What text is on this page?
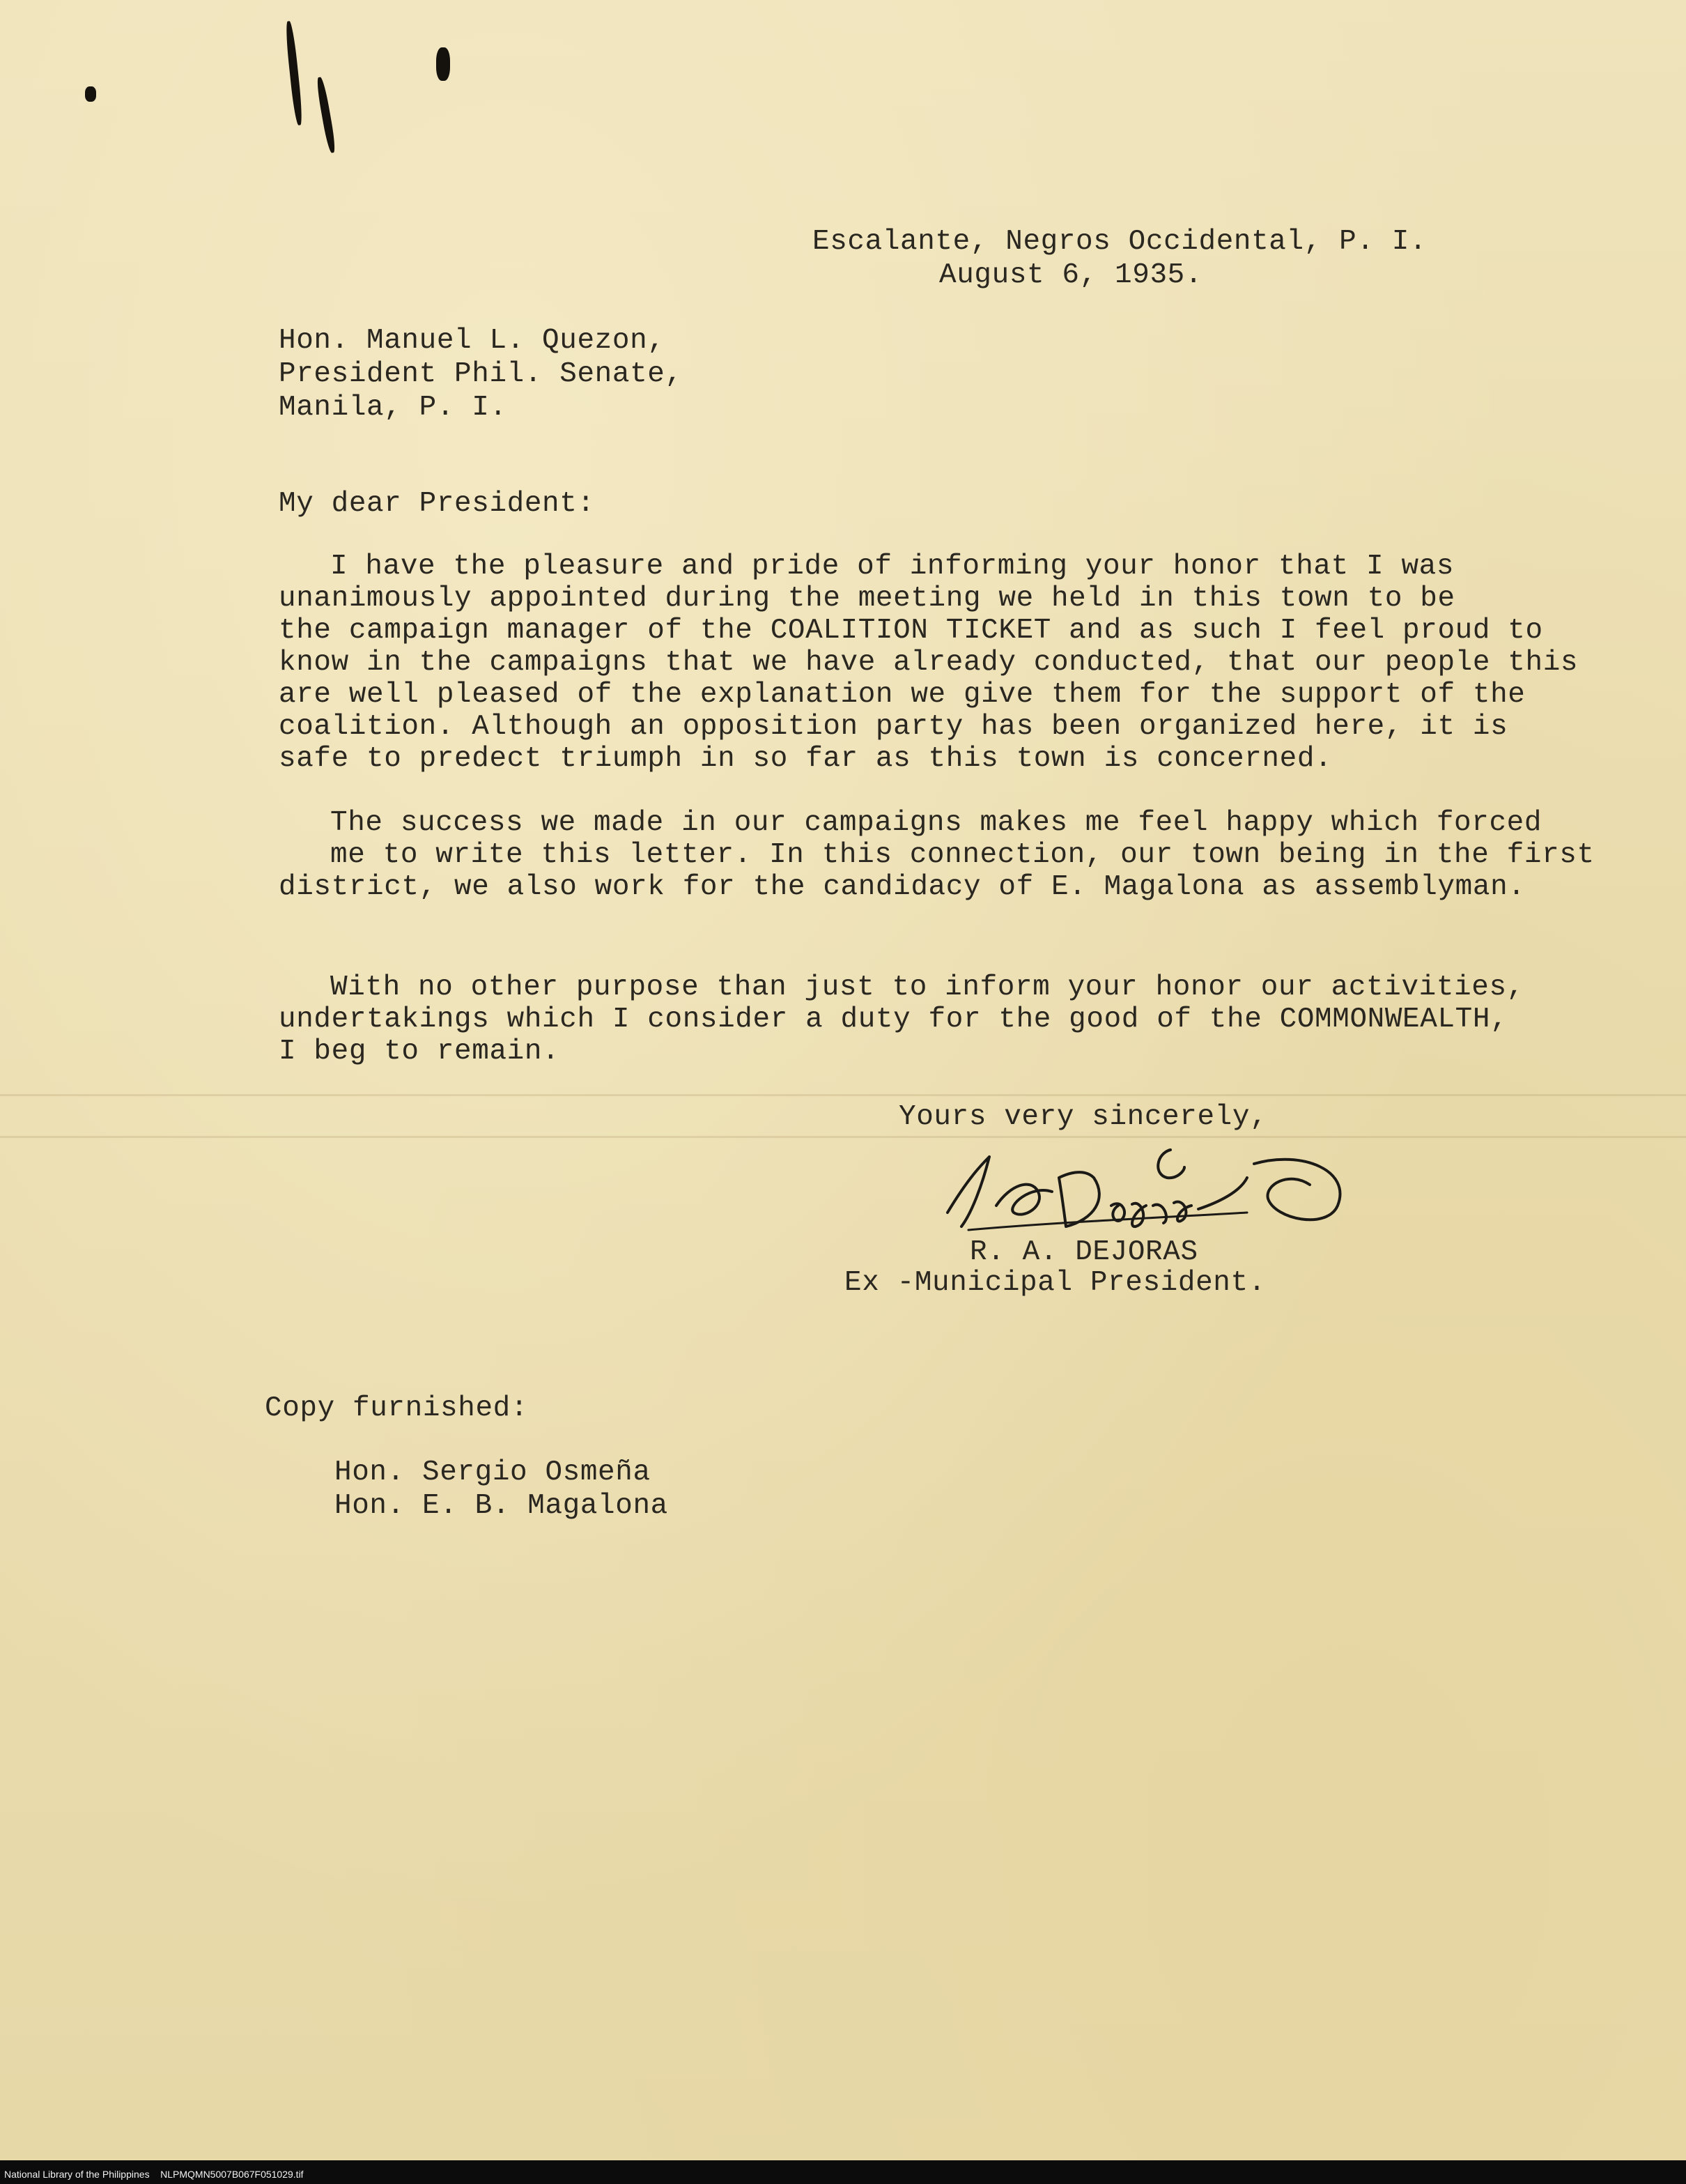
Escalante, Negros Occidental, P. I.
August 6, 1935.
Hon. Manuel L. Quezon,
President Phil. Senate,
Manila, P. I.
My dear President:
I have the pleasure and pride of informing your honor that I was
unanimously appointed during the meeting we held in this town to be
the campaign manager of the COALITION TICKET and as such I feel proud to
know in the campaigns that we have already conducted, that our people this
are well pleased of the explanation we give them for the support of the
coalition. Although an opposition party has been organized here, it is
safe to predect triumph in so far as this town is concerned.
The success we made in our campaigns makes me feel happy which forced
me to write this letter. In this connection, our town being in the first
district, we also work for the candidacy of E. Magalona as assemblyman.
With no other purpose than just to inform your honor our activities,
undertakings which I consider a duty for the good of the COMMONWEALTH,
I beg to remain.
Yours very sincerely,
R. A. DEJORAS
Ex -Municipal President.
Copy furnished:
Hon. Sergio Osmeña
Hon. E. B. Magalona
National Library of the Philippines    NLPMQMN5007B067F051029.tif
